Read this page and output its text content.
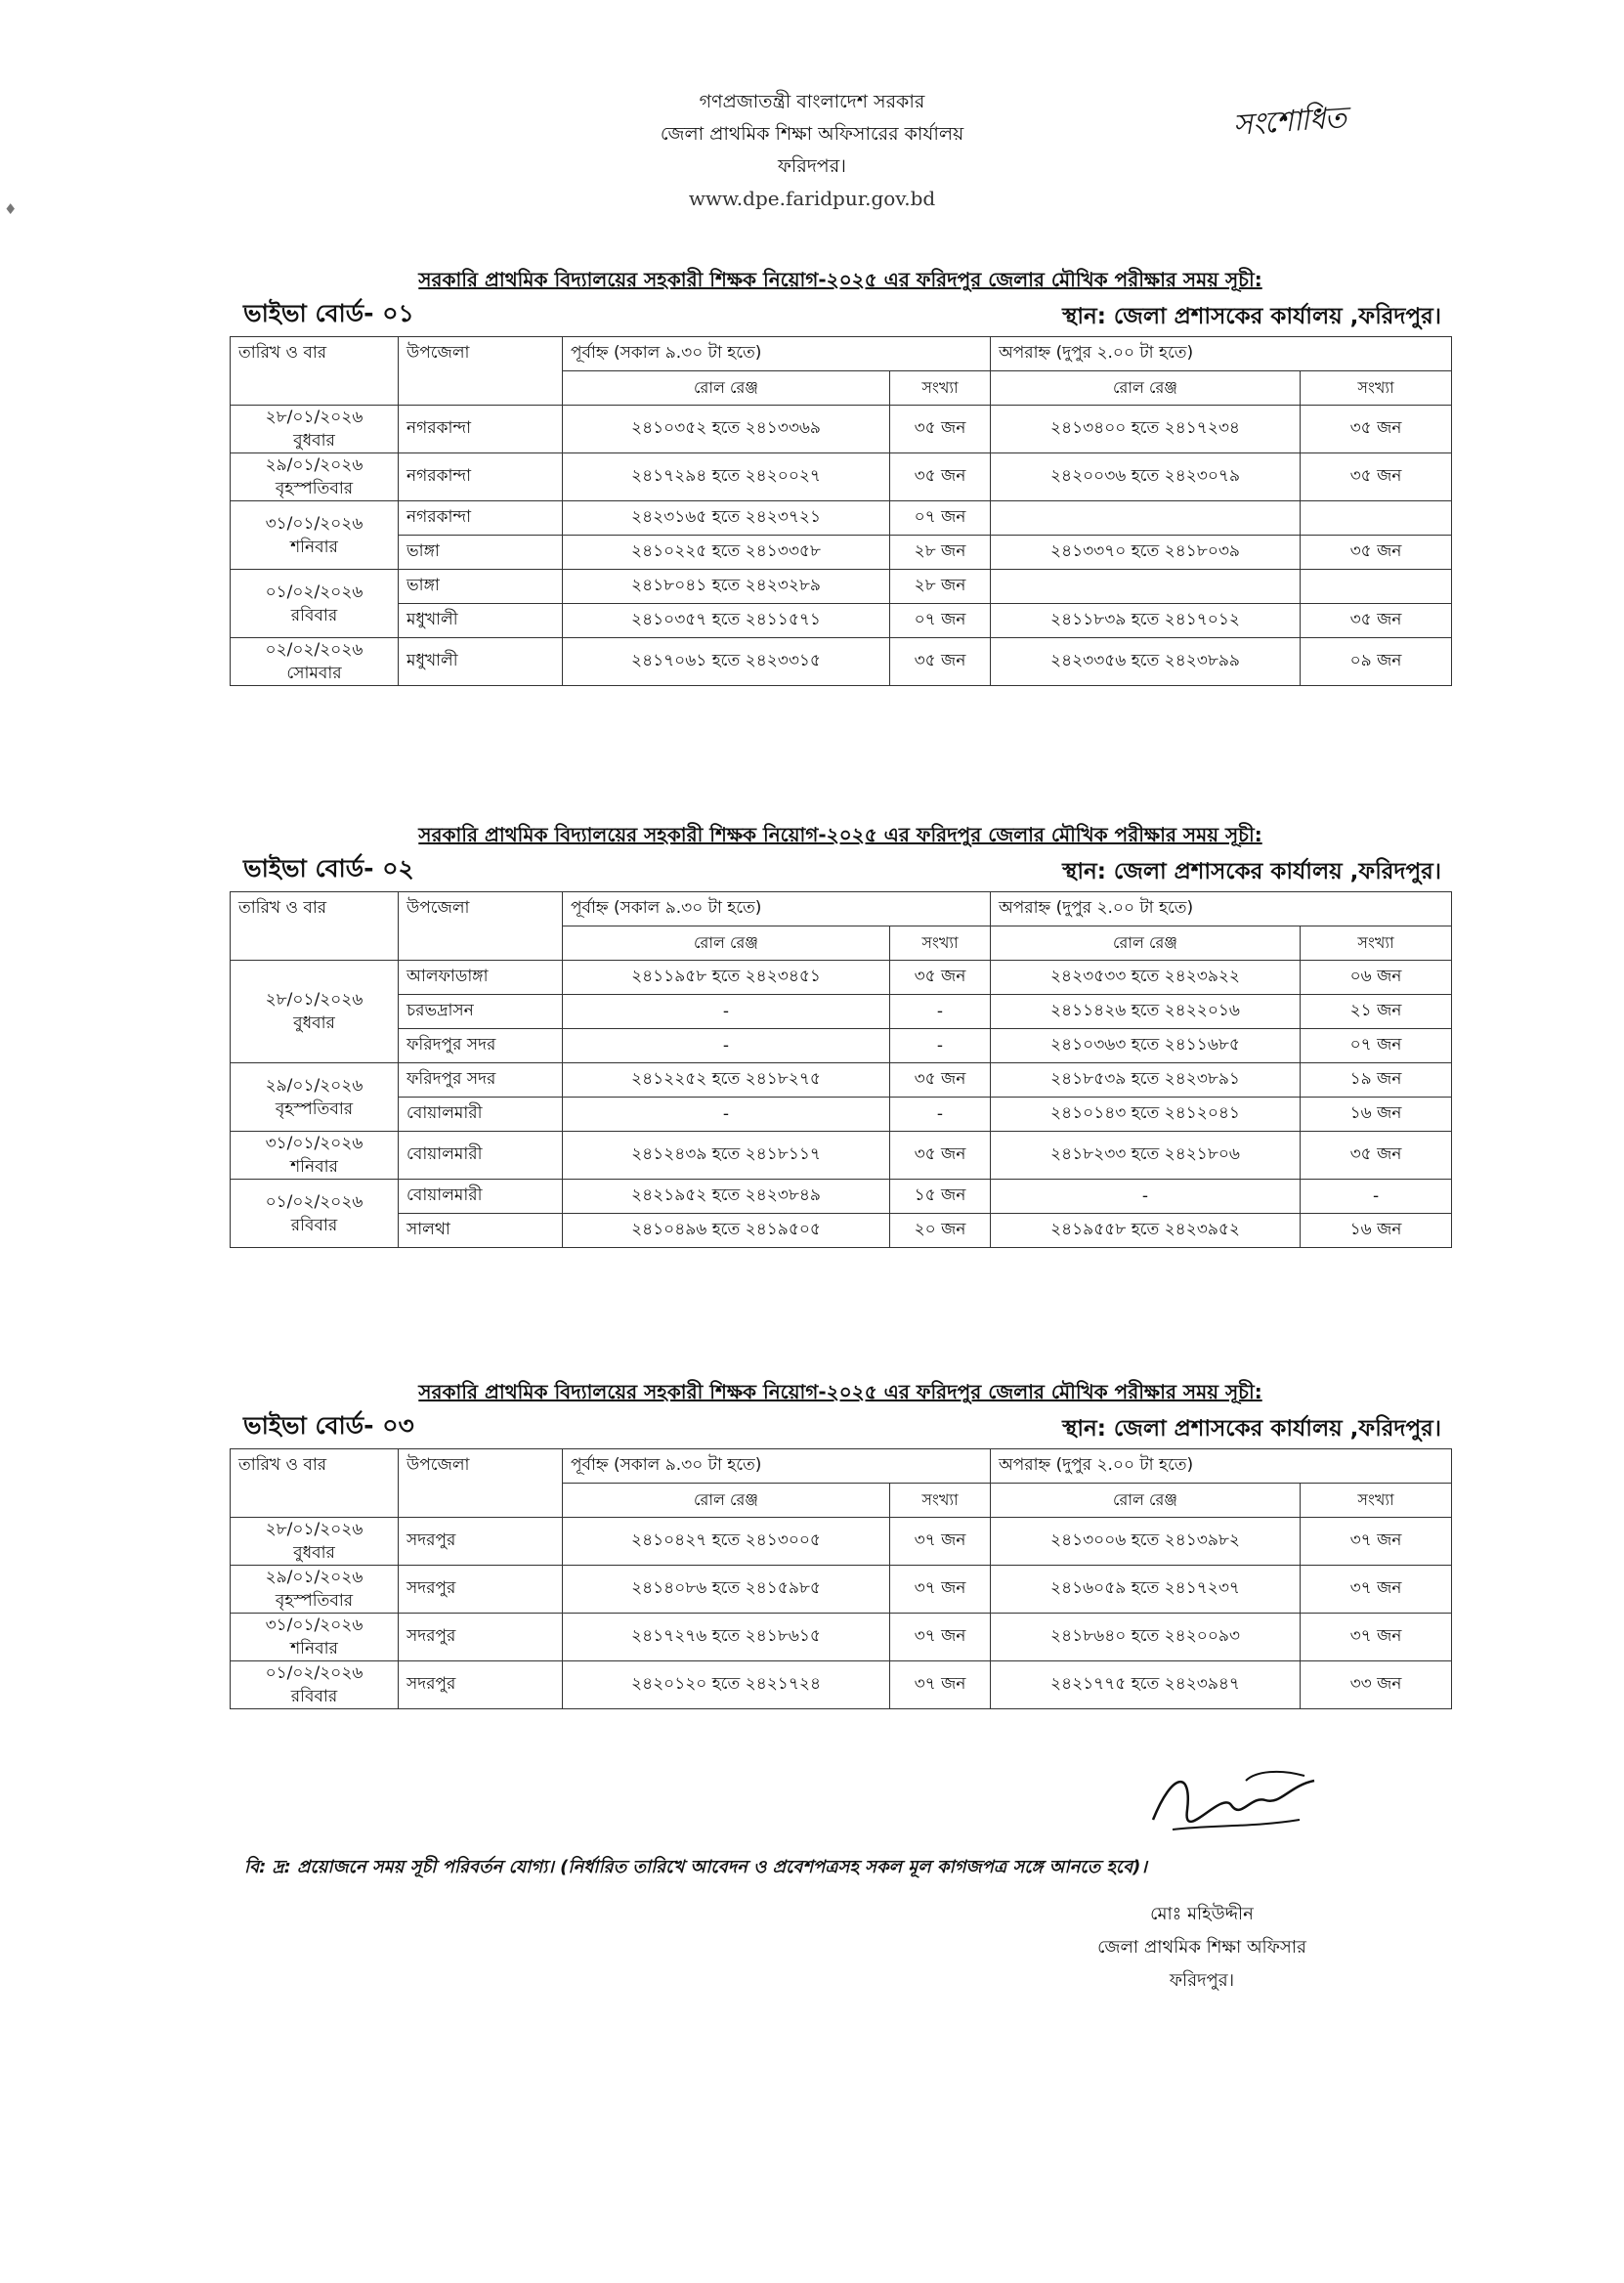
♦
গণপ্রজাতন্ত্রী বাংলাদেশ সরকার
জেলা প্রাথমিক শিক্ষা অফিসারের কার্যালয়
ফরিদপর।
www.dpe.faridpur.gov.bd
সংশোধিত
সরকারি প্রাথমিক বিদ্যালয়ের সহকারী শিক্ষক নিয়োগ-২০২৫ এর ফরিদপুর জেলার মৌখিক পরীক্ষার সময় সূচী:
ভাইভা বোর্ড- ০১	স্থান: জেলা প্রশাসকের কার্যালয় ,ফরিদপুর।
তারিখ ও বার	উপজেলা	পূর্বাহ্ন (সকাল ৯.৩০ টা হতে)		অপরাহ্ন (দুপুর ২.০০ টা হতে)	
		রোল রেঞ্জ	সংখ্যা	রোল রেঞ্জ	সংখ্যা

২৮/০১/২০২৬
বুধবার	নগরকান্দা	২৪১০৩৫২ হতে ২৪১৩৩৬৯	৩৫ জন	২৪১৩৪০০ হতে ২৪১৭২৩৪	৩৫ জন

২৯/০১/২০২৬
বৃহস্পতিবার	নগরকান্দা	২৪১৭২৯৪ হতে ২৪২০০২৭	৩৫ জন	২৪২০০৩৬ হতে ২৪২৩০৭৯	৩৫ জন

৩১/০১/২০২৬
শনিবার	নগরকান্দা	২৪২৩১৬৫ হতে ২৪২৩৭২১	০৭ জন		
	ভাঙ্গা	২৪১০২২৫ হতে ২৪১৩৩৫৮	২৮ জন	২৪১৩৩৭০ হতে ২৪১৮০৩৯	৩৫ জন

০১/০২/২০২৬
রবিবার	ভাঙ্গা	২৪১৮০৪১ হতে ২৪২৩২৮৯	২৮ জন		
	মধুখালী	২৪১০৩৫৭ হতে ২৪১১৫৭১	০৭ জন	২৪১১৮৩৯ হতে ২৪১৭০১২	৩৫ জন

০২/০২/২০২৬
সোমবার	মধুখালী	২৪১৭০৬১ হতে ২৪২৩৩১৫	৩৫ জন	২৪২৩৩৫৬ হতে ২৪২৩৮৯৯	০৯ জন
সরকারি প্রাথমিক বিদ্যালয়ের সহকারী শিক্ষক নিয়োগ-২০২৫ এর ফরিদপুর জেলার মৌখিক পরীক্ষার সময় সূচী:
ভাইভা বোর্ড- ০২	স্থান: জেলা প্রশাসকের কার্যালয় ,ফরিদপুর।
তারিখ ও বার	উপজেলা	পূর্বাহ্ন (সকাল ৯.৩০ টা হতে)		অপরাহ্ন (দুপুর ২.০০ টা হতে)	
		রোল রেঞ্জ	সংখ্যা	রোল রেঞ্জ	সংখ্যা

২৮/০১/২০২৬
বুধবার	আলফাডাঙ্গা	২৪১১৯৫৮ হতে ২৪২৩৪৫১	৩৫ জন	২৪২৩৫৩৩ হতে ২৪২৩৯২২	০৬ জন
	চরভদ্রাসন	-	-	২৪১১৪২৬ হতে ২৪২২০১৬	২১ জন
	ফরিদপুর সদর	-	-	২৪১০৩৬৩ হতে ২৪১১৬৮৫	০৭ জন

২৯/০১/২০২৬
বৃহস্পতিবার	ফরিদপুর সদর	২৪১২২৫২ হতে ২৪১৮২৭৫	৩৫ জন	২৪১৮৫৩৯ হতে ২৪২৩৮৯১	১৯ জন
	বোয়ালমারী	-	-	২৪১০১৪৩ হতে ২৪১২০৪১	১৬ জন

৩১/০১/২০২৬
শনিবার	বোয়ালমারী	২৪১২৪৩৯ হতে ২৪১৮১১৭	৩৫ জন	২৪১৮২৩৩ হতে ২৪২১৮০৬	৩৫ জন

০১/০২/২০২৬
রবিবার	বোয়ালমারী	২৪২১৯৫২ হতে ২৪২৩৮৪৯	১৫ জন	-	-
	সালথা	২৪১০৪৯৬ হতে ২৪১৯৫০৫	২০ জন	২৪১৯৫৫৮ হতে ২৪২৩৯৫২	১৬ জন
সরকারি প্রাথমিক বিদ্যালয়ের সহকারী শিক্ষক নিয়োগ-২০২৫ এর ফরিদপুর জেলার মৌখিক পরীক্ষার সময় সূচী:
ভাইভা বোর্ড- ০৩	স্থান: জেলা প্রশাসকের কার্যালয় ,ফরিদপুর।
তারিখ ও বার	উপজেলা	পূর্বাহ্ন (সকাল ৯.৩০ টা হতে)		অপরাহ্ন (দুপুর ২.০০ টা হতে)	
		রোল রেঞ্জ	সংখ্যা	রোল রেঞ্জ	সংখ্যা

২৮/০১/২০২৬
বুধবার	সদরপুর	২৪১০৪২৭ হতে ২৪১৩০০৫	৩৭ জন	২৪১৩০০৬ হতে ২৪১৩৯৮২	৩৭ জন

২৯/০১/২০২৬
বৃহস্পতিবার	সদরপুর	২৪১৪০৮৬ হতে ২৪১৫৯৮৫	৩৭ জন	২৪১৬০৫৯ হতে ২৪১৭২৩৭	৩৭ জন

৩১/০১/২০২৬
শনিবার	সদরপুর	২৪১৭২৭৬ হতে ২৪১৮৬১৫	৩৭ জন	২৪১৮৬৪০ হতে ২৪২০০৯৩	৩৭ জন

০১/০২/২০২৬
রবিবার	সদরপুর	২৪২০১২০ হতে ২৪২১৭২৪	৩৭ জন	২৪২১৭৭৫ হতে ২৪২৩৯৪৭	৩৩ জন
বি: দ্র: প্রয়োজনে সময় সূচী পরিবর্তন যোগ্য। (নির্ধারিত তারিখে আবেদন ও প্রবেশপত্রসহ সকল মূল কাগজপত্র সঙ্গে আনতে হবে)।
মোঃ মহিউদ্দীন
জেলা প্রাথমিক শিক্ষা অফিসার
ফরিদপুর।
